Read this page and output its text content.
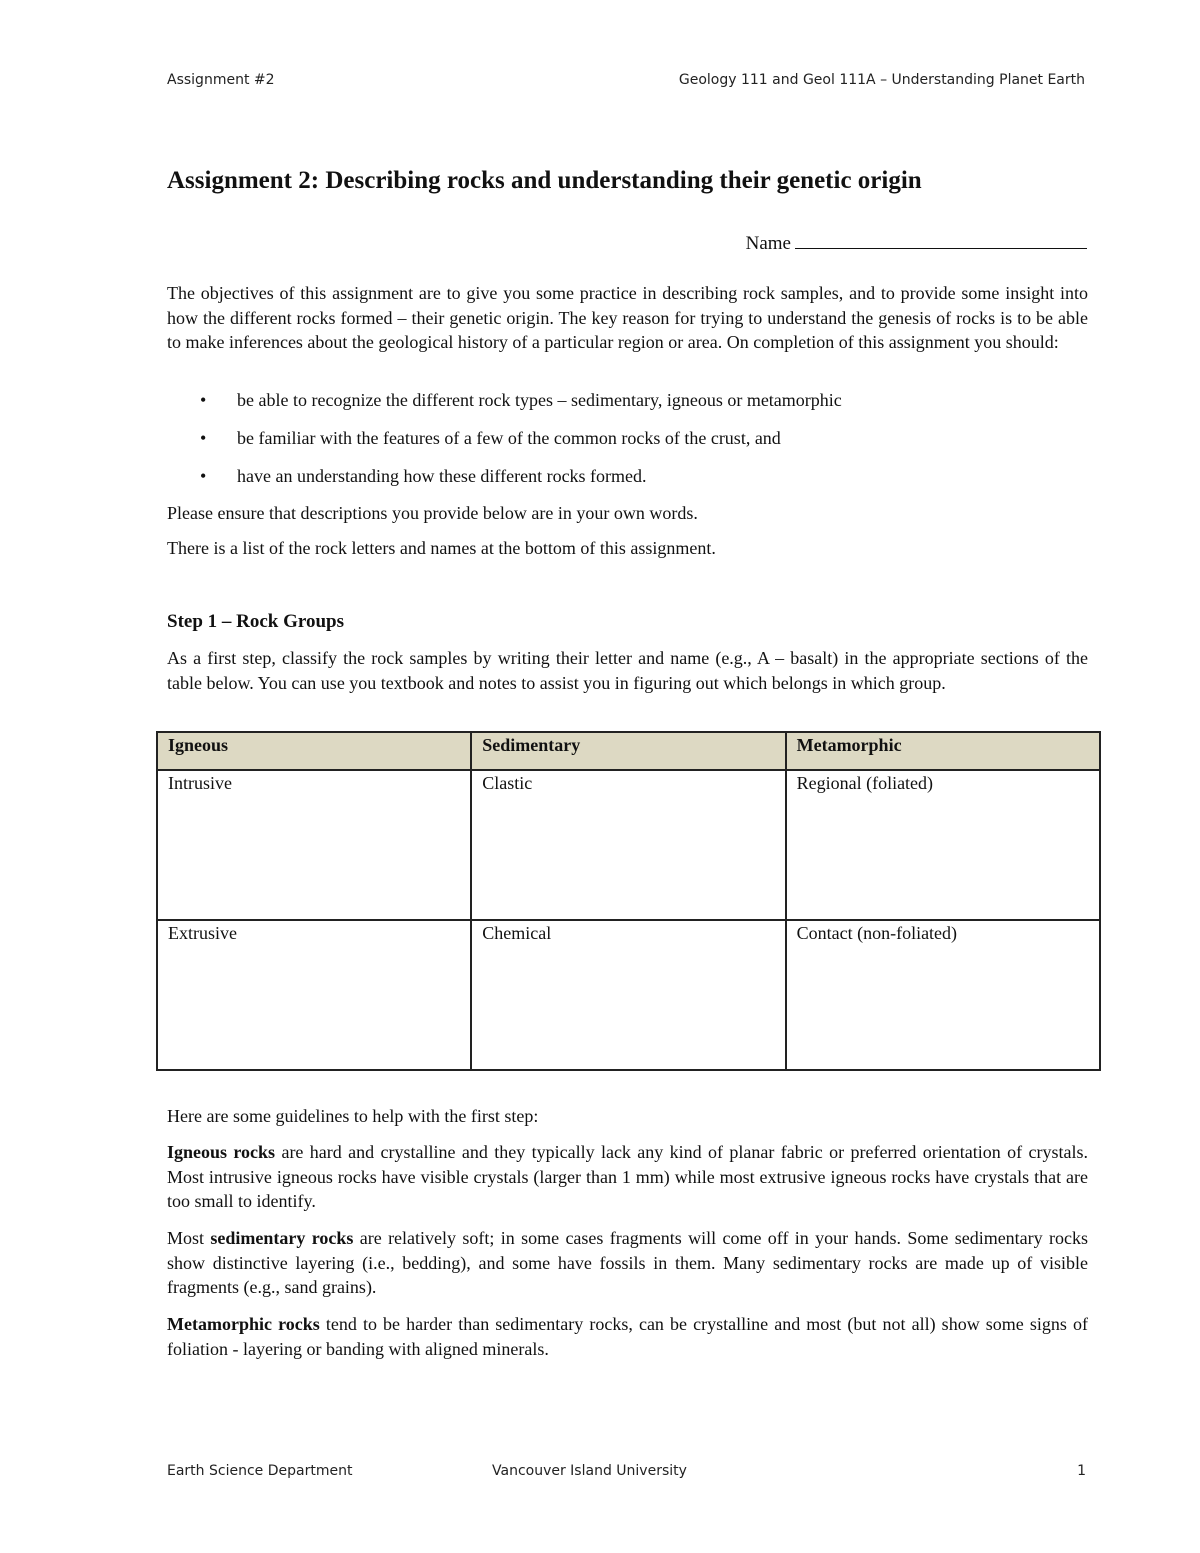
Assignment #2	Geology 111 and Geol 111A – Understanding Planet Earth
Assignment 2: Describing rocks and understanding their genetic origin
Name

The objectives of this assignment are to give you some practice in describing rock samples, and to provide some insight into how the different rocks formed – their genetic origin. The key reason for trying to understand the genesis of rocks is to be able to make inferences about the geological history of a particular region or area. On completion of this assignment you should:

• be able to recognize the different rock types – sedimentary, igneous or metamorphic
• be familiar with the features of a few of the common rocks of the crust, and
• have an understanding how these different rocks formed.

Please ensure that descriptions you provide below are in your own words.

There is a list of the rock letters and names at the bottom of this assignment.

Step 1 – Rock Groups

As a first step, classify the rock samples by writing their letter and name (e.g., A – basalt) in the appropriate sections of the table below. You can use you textbook and notes to assist you in figuring out which belongs in which group.

Igneous	Sedimentary	Metamorphic
Intrusive	Clastic	Regional (foliated)
Extrusive	Chemical	Contact (non-foliated)

Here are some guidelines to help with the first step:

Igneous rocks are hard and crystalline and they typically lack any kind of planar fabric or preferred orientation of crystals. Most intrusive igneous rocks have visible crystals (larger than 1 mm) while most extrusive igneous rocks have crystals that are too small to identify.

Most sedimentary rocks are relatively soft; in some cases fragments will come off in your hands. Some sedimentary rocks show distinctive layering (i.e., bedding), and some have fossils in them. Many sedimentary rocks are made up of visible fragments (e.g., sand grains).

Metamorphic rocks tend to be harder than sedimentary rocks, can be crystalline and most (but not all) show some signs of foliation - layering or banding with aligned minerals.

Earth Science Department	Vancouver Island University	1
